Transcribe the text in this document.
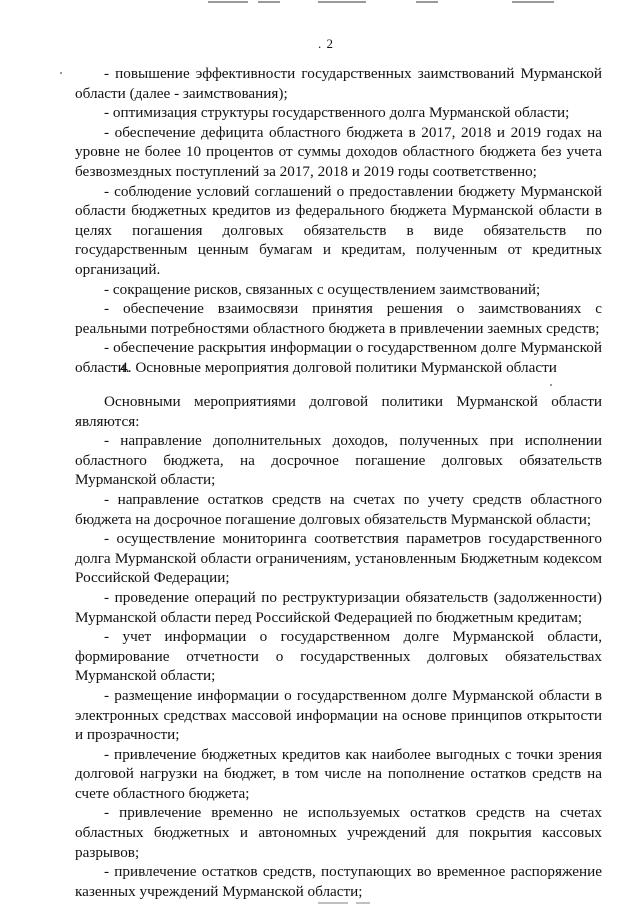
. 2

- повышение эффективности государственных заимствований Мурманской области (далее - заимствования);

- оптимизация структуры государственного долга Мурманской области;

- обеспечение дефицита областного бюджета в 2017, 2018 и 2019 годах на уровне не более 10 процентов от суммы доходов областного бюджета без учета безвозмездных поступлений за 2017, 2018 и 2019 годы соответственно;

- соблюдение условий соглашений о предоставлении бюджету Мурманской области бюджетных кредитов из федерального бюджета Мурманской области в целях погашения долговых обязательств в виде обязательств по государственным ценным бумагам и кредитам, полученным от кредитных организаций.

- сокращение рисков, связанных с осуществлением заимствований;

- обеспечение взаимосвязи принятия решения о заимствованиях с реальными потребностями областного бюджета в привлечении заемных средств;

- обеспечение раскрытия информации о государственном долге Мурманской области.

4. Основные мероприятия долговой политики Мурманской области

Основными мероприятиями долговой политики Мурманской области являются:

- направление дополнительных доходов, полученных при исполнении областного бюджета, на досрочное погашение долговых обязательств Мурманской области;

- направление остатков средств на счетах по учету средств областного бюджета на досрочное погашение долговых обязательств Мурманской области;

- осуществление мониторинга соответствия параметров государственного долга Мурманской области ограничениям, установленным Бюджетным кодексом Российской Федерации;

- проведение операций по реструктуризации обязательств (задолженности) Мурманской области перед Российской Федерацией по бюджетным кредитам;

- учет информации о государственном долге Мурманской области, формирование отчетности о государственных долговых обязательствах Мурманской области;

- размещение информации о государственном долге Мурманской области в электронных средствах массовой информации на основе принципов открытости и прозрачности;

- привлечение бюджетных кредитов как наиболее выгодных с точки зрения долговой нагрузки на бюджет, в том числе на пополнение остатков средств на счете областного бюджета;

- привлечение временно не используемых остатков средств на счетах областных бюджетных и автономных учреждений для покрытия кассовых разрывов;

- привлечение остатков средств, поступающих во временное распоряжение казенных учреждений Мурманской области;
